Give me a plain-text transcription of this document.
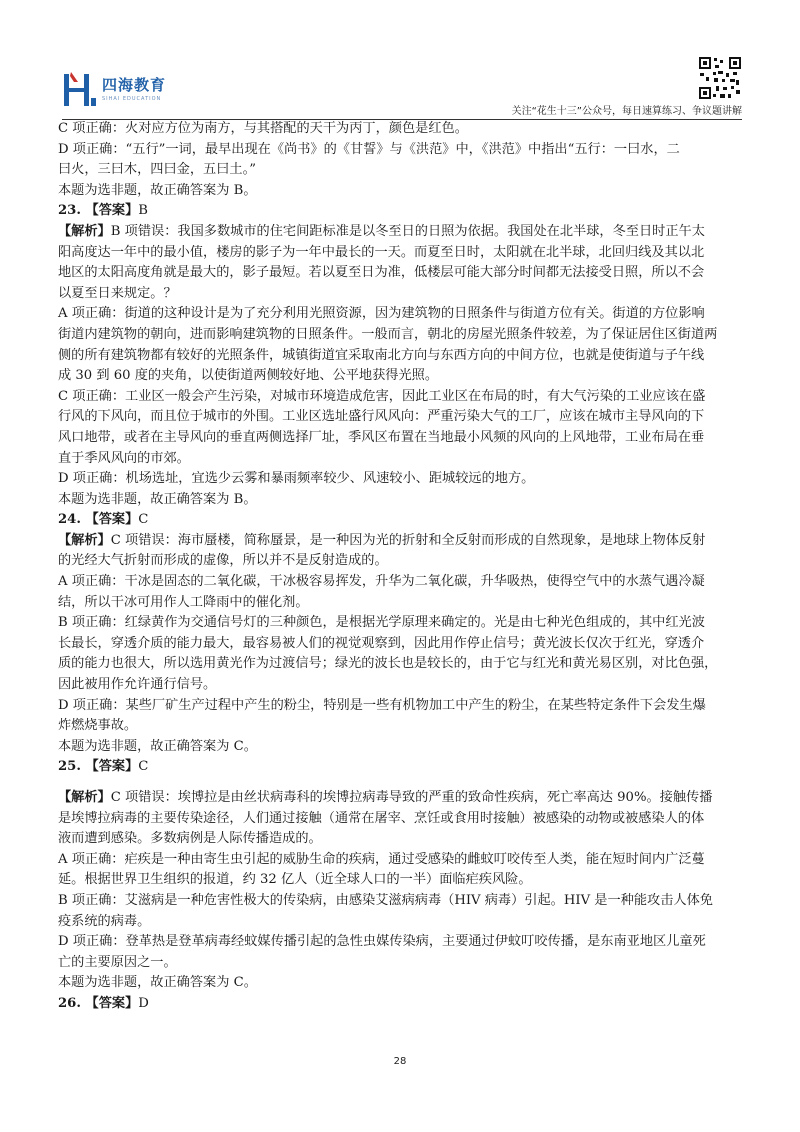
四海教育
SIHAI EDUCATION
关注“花生十三”公众号，每日速算练习、争议题讲解

C 项正确：火对应方位为南方，与其搭配的天干为丙丁，颜色是红色。

D 项正确：“五行”一词，最早出现在《尚书》的《甘誓》与《洪范》中，《洪范》中指出“五行：一曰水，二

曰火，三曰木，四曰金，五曰土。”

本题为选非题，故正确答案为 B。

23. 【答案】B

【解析】B 项错误：我国多数城市的住宅间距标准是以冬至日的日照为依据。我国处在北半球，冬至日时正午太

阳高度达一年中的最小值，楼房的影子为一年中最长的一天。而夏至日时，太阳就在北半球，北回归线及其以北

地区的太阳高度角就是最大的，影子最短。若以夏至日为准，低楼层可能大部分时间都无法接受日照，所以不会

以夏至日来规定。？

A 项正确：街道的这种设计是为了充分利用光照资源，因为建筑物的日照条件与街道方位有关。街道的方位影响

街道内建筑物的朝向，进而影响建筑物的日照条件。一般而言，朝北的房屋光照条件较差，为了保证居住区街道两

侧的所有建筑物都有较好的光照条件，城镇街道宜采取南北方向与东西方向的中间方位，也就是使街道与子午线

成 30 到 60 度的夹角，以使街道两侧较好地、公平地获得光照。

C 项正确：工业区一般会产生污染，对城市环境造成危害，因此工业区在布局的时，有大气污染的工业应该在盛

行风的下风向，而且位于城市的外围。工业区选址盛行风风向：严重污染大气的工厂，应该在城市主导风向的下

风口地带，或者在主导风向的垂直两侧选择厂址，季风区布置在当地最小风频的风向的上风地带，工业布局在垂

直于季风风向的市郊。

D 项正确：机场选址，宜选少云雾和暴雨频率较少、风速较小、距城较远的地方。

本题为选非题，故正确答案为 B。

24. 【答案】C

【解析】C 项错误：海市蜃楼，简称蜃景，是一种因为光的折射和全反射而形成的自然现象，是地球上物体反射

的光经大气折射而形成的虚像，所以并不是反射造成的。

A 项正确：干冰是固态的二氧化碳，干冰极容易挥发，升华为二氧化碳，升华吸热，使得空气中的水蒸气遇冷凝

结，所以干冰可用作人工降雨中的催化剂。

B 项正确：红绿黄作为交通信号灯的三种颜色，是根据光学原理来确定的。光是由七种光色组成的，其中红光波

长最长，穿透介质的能力最大，最容易被人们的视觉观察到，因此用作停止信号；黄光波长仅次于红光，穿透介

质的能力也很大，所以选用黄光作为过渡信号；绿光的波长也是较长的，由于它与红光和黄光易区别，对比色强，

因此被用作允许通行信号。

D 项正确：某些厂矿生产过程中产生的粉尘，特别是一些有机物加工中产生的粉尘，在某些特定条件下会发生爆

炸燃烧事故。

本题为选非题，故正确答案为 C。

25. 【答案】C

【解析】C 项错误：埃博拉是由丝状病毒科的埃博拉病毒导致的严重的致命性疾病，死亡率高达 90%。接触传播

是埃博拉病毒的主要传染途径，人们通过接触（通常在屠宰、烹饪或食用时接触）被感染的动物或被感染人的体

液而遭到感染。多数病例是人际传播造成的。

A 项正确：疟疾是一种由寄生虫引起的威胁生命的疾病，通过受感染的雌蚊叮咬传至人类，能在短时间内广泛蔓

延。根据世界卫生组织的报道，约 32 亿人（近全球人口的一半）面临疟疾风险。

B 项正确：艾滋病是一种危害性极大的传染病，由感染艾滋病病毒（HIV 病毒）引起。HIV 是一种能攻击人体免

疫系统的病毒。

D 项正确：登革热是登革病毒经蚊媒传播引起的急性虫媒传染病，主要通过伊蚊叮咬传播，是东南亚地区儿童死

亡的主要原因之一。

本题为选非题，故正确答案为 C。

26. 【答案】D

28
